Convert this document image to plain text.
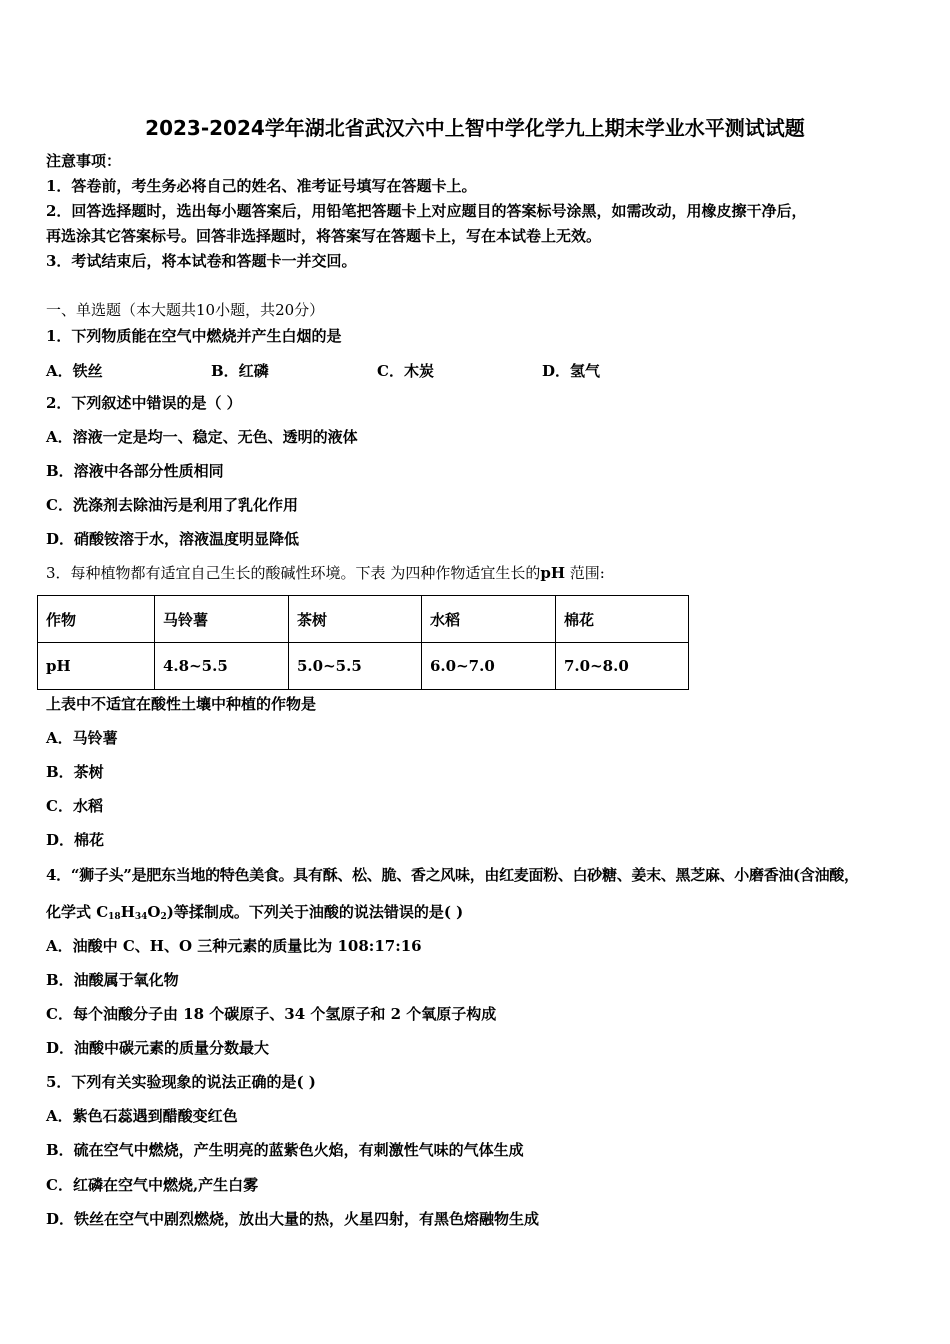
2023-2024学年湖北省武汉六中上智中学化学九上期末学业水平测试试题
注意事项：
1．答卷前，考生务必将自己的姓名、准考证号填写在答题卡上。
2．回答选择题时，选出每小题答案后，用铅笔把答题卡上对应题目的答案标号涂黑，如需改动，用橡皮擦干净后，
再选涂其它答案标号。回答非选择题时，将答案写在答题卡上，写在本试卷上无效。
3．考试结束后，将本试卷和答题卡一并交回。
一、单选题（本大题共10小题，共20分）
1．下列物质能在空气中燃烧并产生白烟的是
A．铁丝	B．红磷	C．木炭	D．氢气
2．下列叙述中错误的是（ ）
A．溶液一定是均一、稳定、无色、透明的液体
B．溶液中各部分性质相同
C．洗涤剂去除油污是利用了乳化作用
D．硝酸铵溶于水，溶液温度明显降低
3．每种植物都有适宜自己生长的酸碱性环境。下表 为四种作物适宜生长的pH 范围:
作物	马铃薯	茶树	水稻	棉花
pH	4.8~5.5	5.0~5.5	6.0~7.0	7.0~8.0
上表中不适宜在酸性土壤中种植的作物是
A．马铃薯
B．茶树
C．水稻
D．棉花
4．“狮子头”是肥东当地的特色美食。具有酥、松、脆、香之风味，由红麦面粉、白砂糖、姜末、黑芝麻、小磨香油(含油酸，
化学式 $C_{18}H_{34}O_2$)等揉制成。下列关于油酸的说法错误的是( )
A．油酸中 C、H、O 三种元素的质量比为 108:17:16
B．油酸属于氧化物
C．每个油酸分子由 18 个碳原子、34 个氢原子和 2 个氧原子构成
D．油酸中碳元素的质量分数最大
5．下列有关实验现象的说法正确的是( )
A．紫色石蕊遇到醋酸变红色
B．硫在空气中燃烧，产生明亮的蓝紫色火焰，有刺激性气味的气体生成
C．红磷在空气中燃烧,产生白雾
D．铁丝在空气中剧烈燃烧，放出大量的热，火星四射，有黑色熔融物生成
